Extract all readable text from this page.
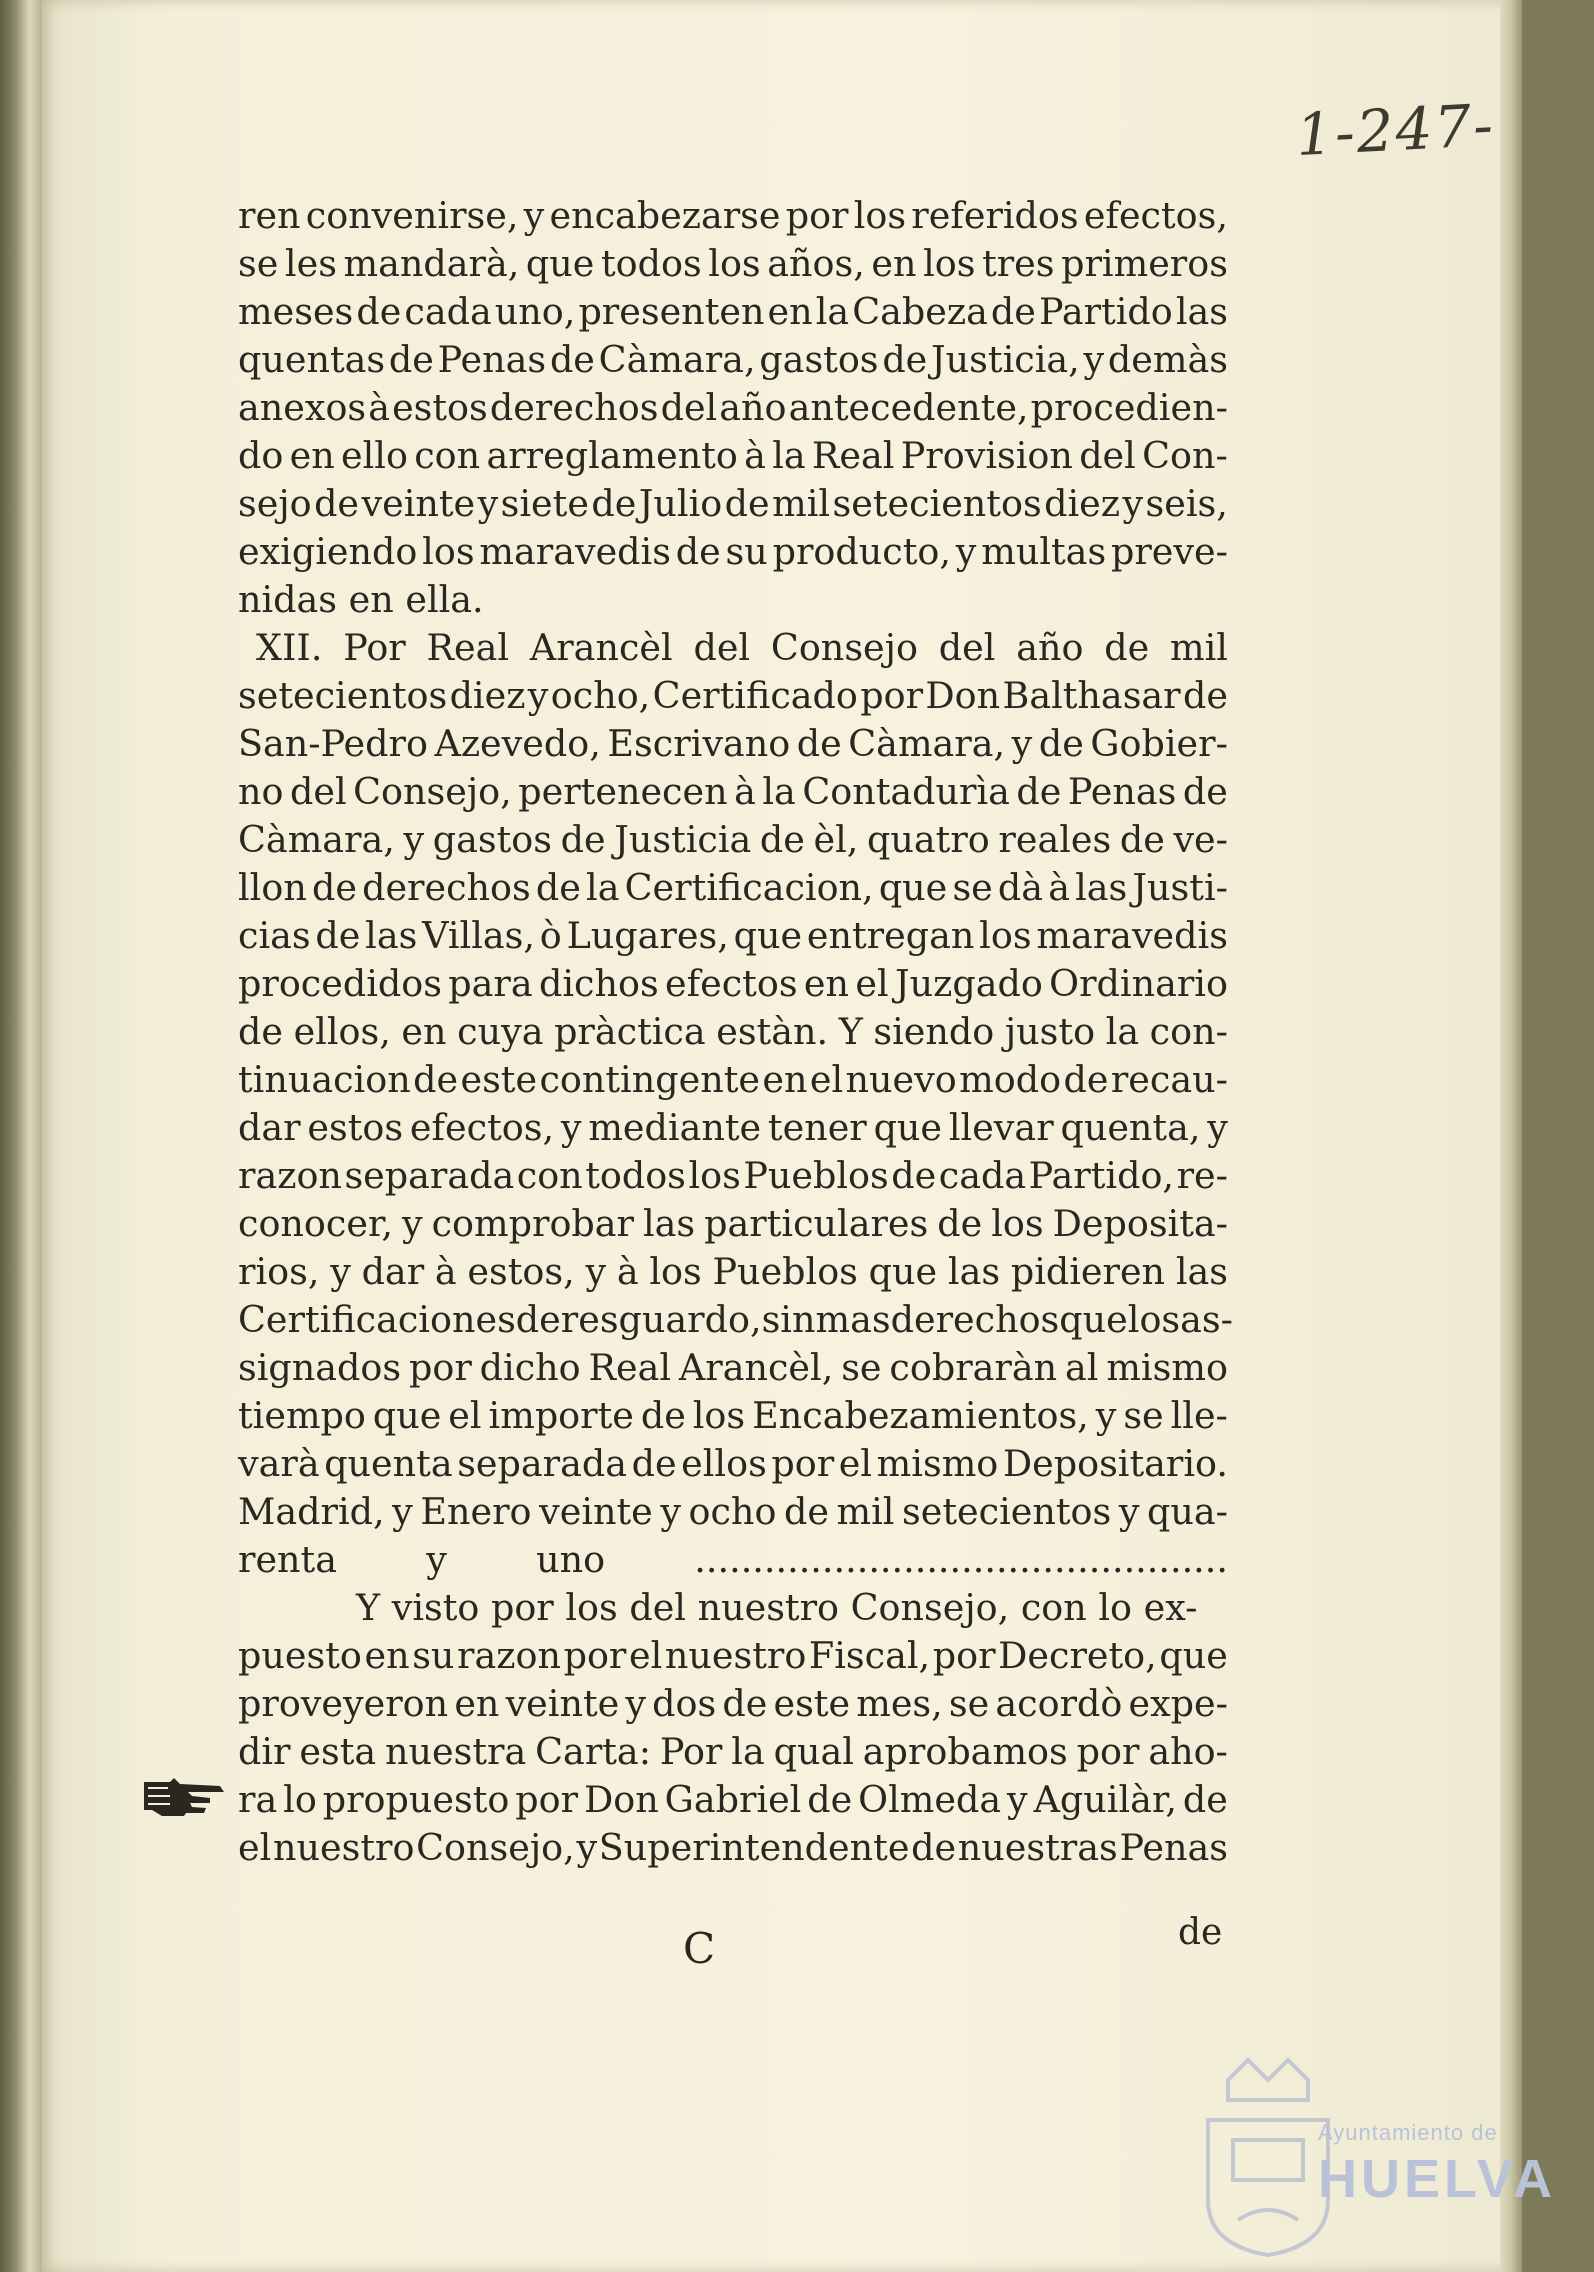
1-247-
ren convenirse, y encabezarse por los referidos efectos,
se les mandarà, que todos los años, en los tres primeros
meses de cada uno, presenten en la Cabeza de Partido las
quentas de Penas de Càmara, gastos de Justicia, y demàs
anexos à estos derechos del año antecedente, procedien-
do en ello con arreglamento à la Real Provision del Con-
sejo de veinte y siete de Julio de mil setecientos diez y seis,
exigiendo los maravedis de su producto, y multas preve-
nidas en ella.
XII. Por Real Arancèl del Consejo del año de mil
setecientos diez y ocho, Certificado por Don Balthasar de
San-Pedro Azevedo, Escrivano de Càmara, y de Gobier-
no del Consejo, pertenecen à la Contadurìa de Penas de
Càmara, y gastos de Justicia de èl, quatro reales de ve-
llon de derechos de la Certificacion, que se dà à las Justi-
cias de las Villas, ò Lugares, que entregan los maravedis
procedidos para dichos efectos en el Juzgado Ordinario
de ellos, en cuya pràctica estàn. Y siendo justo la con-
tinuacion de este contingente en el nuevo modo de recau-
dar estos efectos, y mediante tener que llevar quenta, y
razon separada con todos los Pueblos de cada Partido, re-
conocer, y comprobar las particulares de los Deposita-
rios, y dar à estos, y à los Pueblos que las pidieren las
Certificaciones de resguardo, sin mas derechos que los as-
signados por dicho Real Arancèl, se cobraràn al mismo
tiempo que el importe de los Encabezamientos, y se lle-
varà quenta separada de ellos por el mismo Depositario.
Madrid, y Enero veinte y ocho de mil setecientos y qua-
renta y uno ..............................................
Y visto por los del nuestro Consejo, con lo ex-
puesto en su razon por el nuestro Fiscal, por Decreto, que
proveyeron en veinte y dos de este mes, se acordò expe-
dir esta nuestra Carta: Por la qual aprobamos por aho-
ra lo propuesto por Don Gabriel de Olmeda y Aguilàr, de
el nuestro Consejo, y Superintendente de nuestras Penas
C	de
Ayuntamiento de
HUELVA
